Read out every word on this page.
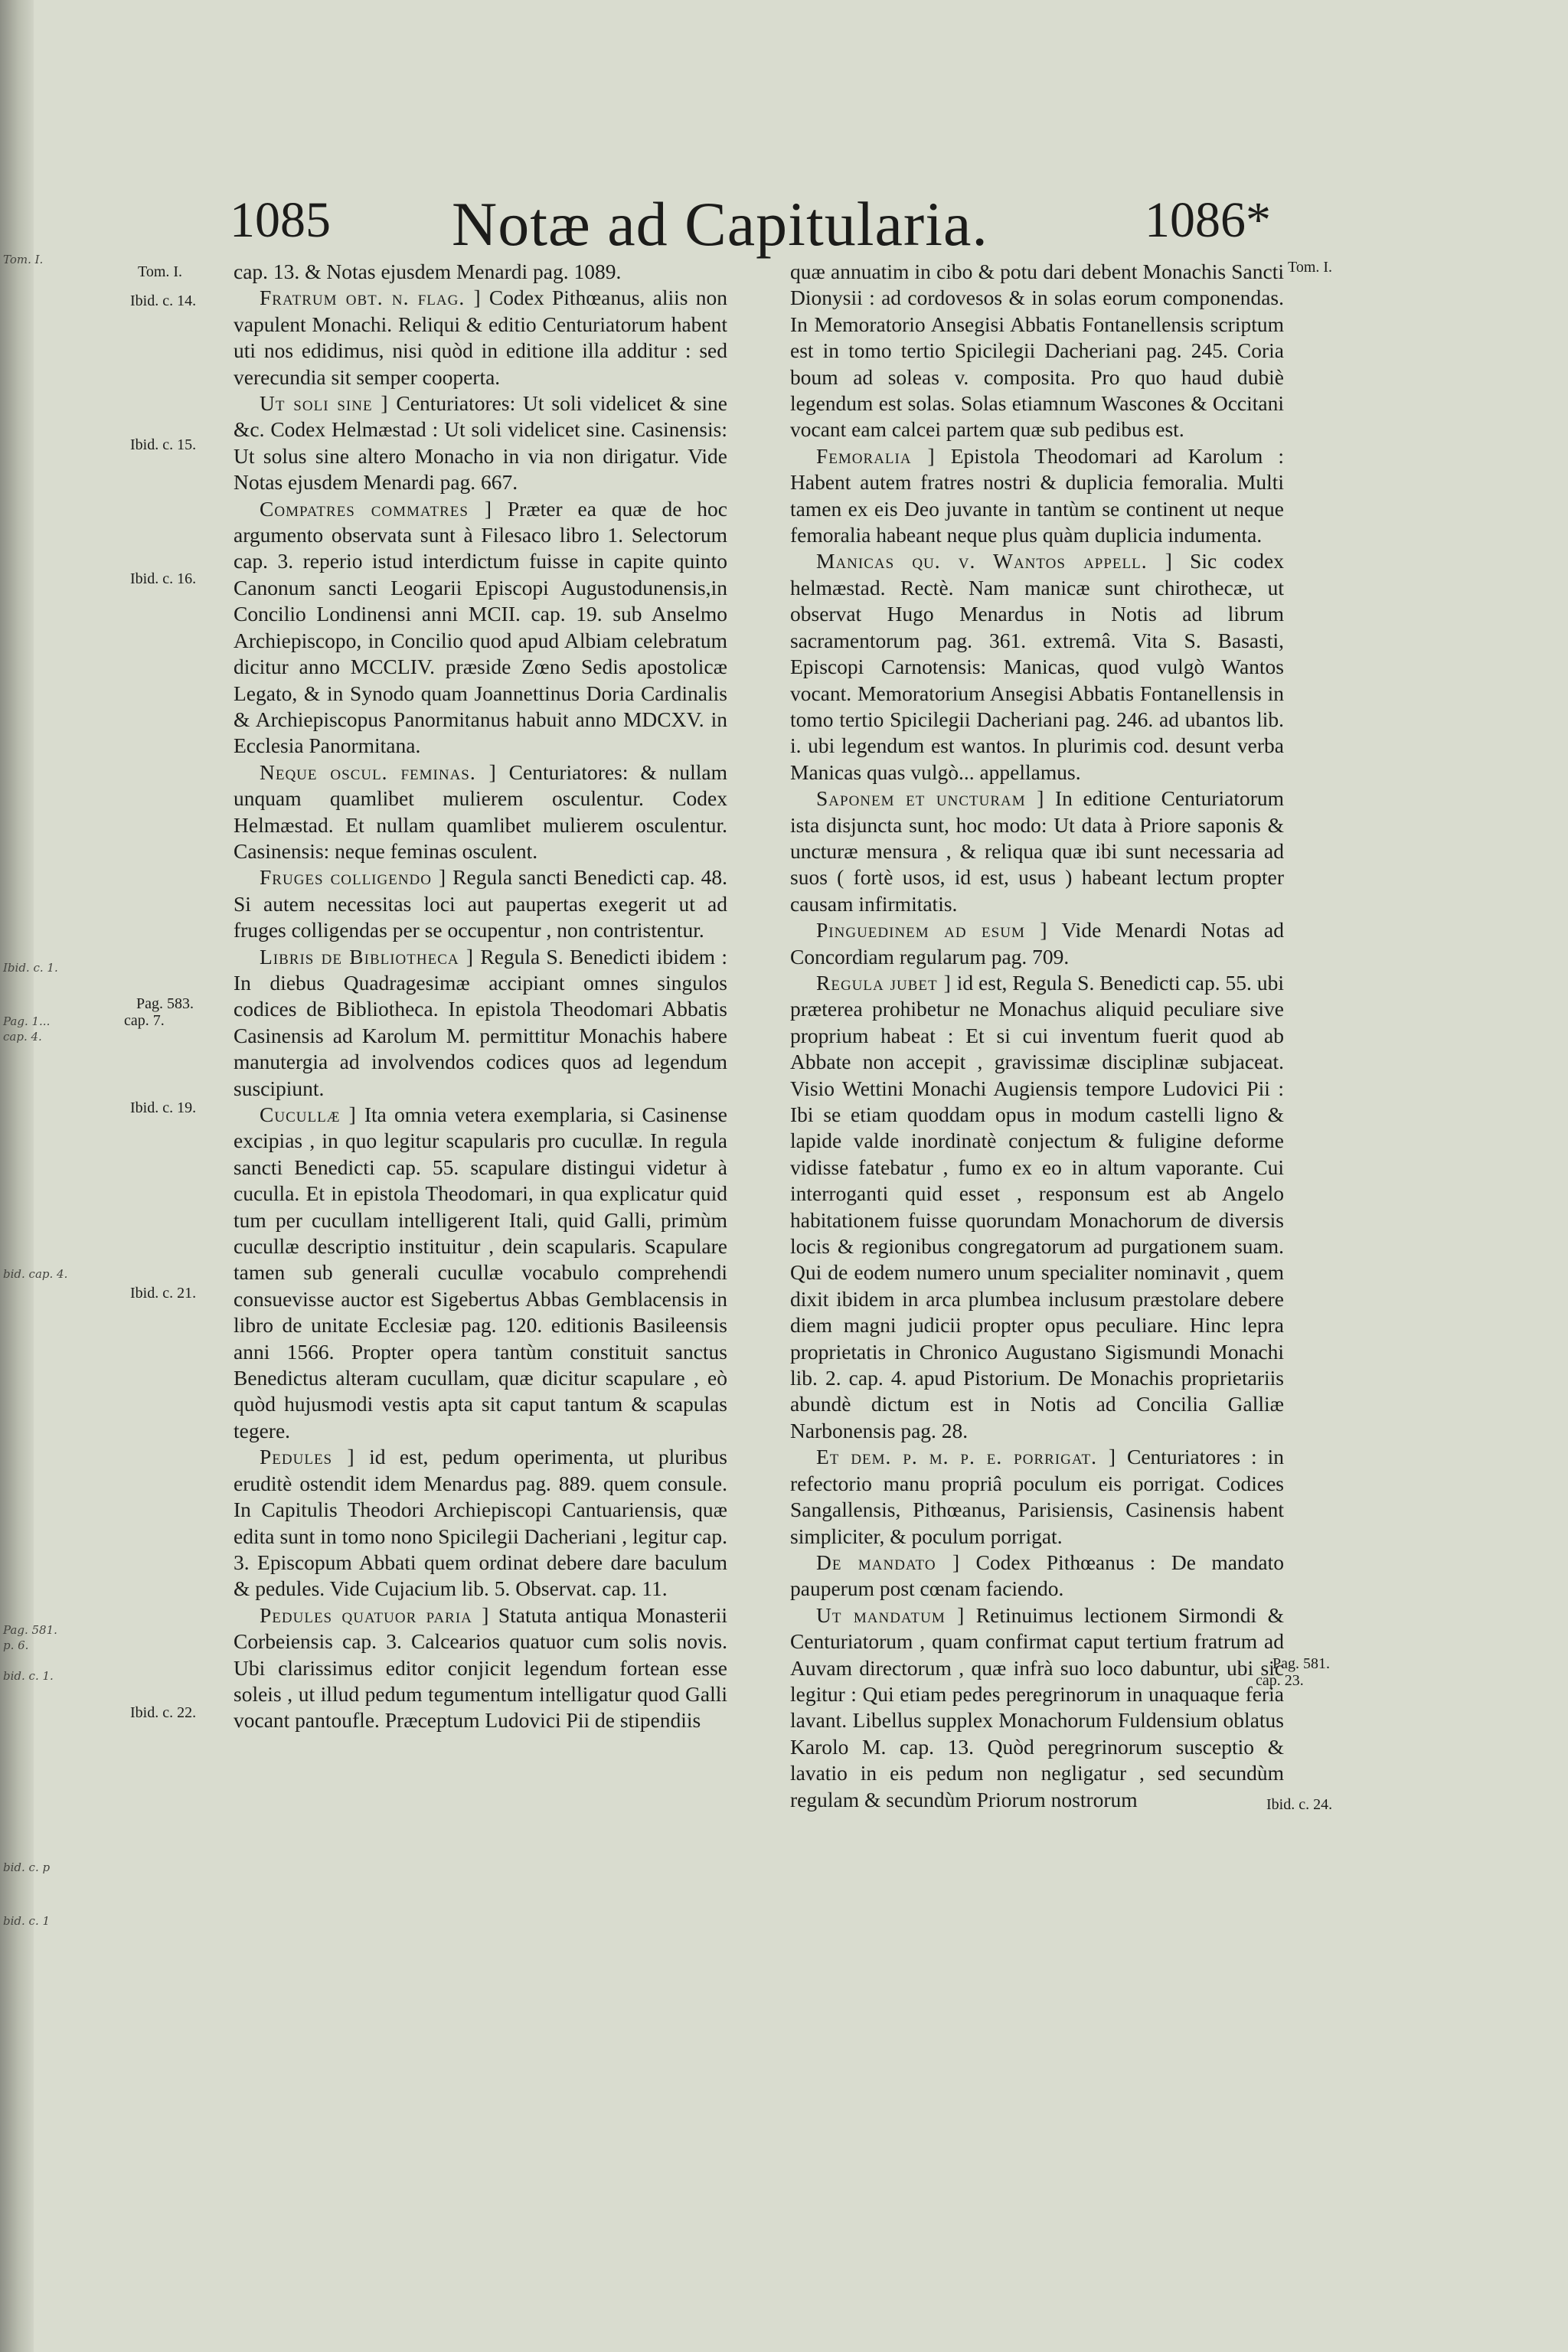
Tom. I.
Ibid. c. 1.
Pag. 1...
cap. 4.
bid. cap. 4.
Pag. 581.
p. 6.
bid. c. 1.
bid. c. p
bid. c. 1
1085 Notæ ad Capitularia.	1086*
Tom. I.
Ibid. c. 14.
Ibid. c. 15.
Ibid. c. 16.
Pag. 583.
cap. 7.
Ibid. c. 19.
Ibid. c. 21.
Ibid. c. 22.
Tom. I.
Pag. 581.
cap. 23.
Ibid. c. 24.

cap. 13. & Notas ejusdem Menardi pag. 1089.

Fratrum obt. n. flag. ] Codex Pithœanus, aliis non vapulent Monachi. Reliqui & editio Centuriatorum habent uti nos edidimus, nisi quòd in editione illa additur : sed verecundia sit semper cooperta.

Ut soli sine ] Centuriatores: Ut soli videlicet & sine &c. Codex Helmæstad : Ut soli videlicet sine. Casinensis: Ut solus sine altero Monacho in via non dirigatur. Vide Notas ejusdem Menardi pag. 667.

Compatres commatres ] Præter ea quæ de hoc argumento observata sunt à Filesaco libro 1. Selectorum cap. 3. reperio istud interdictum fuisse in capite quinto Canonum sancti Leogarii Episcopi Augustodunensis,in Concilio Londinensi anni MCII. cap. 19. sub Anselmo Archiepiscopo, in Concilio quod apud Albiam celebratum dicitur anno MCCLIV. præside Zœno Sedis apostolicæ Legato, & in Synodo quam Joannettinus Doria Cardinalis & Archiepiscopus Panormitanus habuit anno MDCXV. in Ecclesia Panormitana.

Neque oscul. feminas. ] Centuriatores: & nullam unquam quamlibet mulierem osculentur. Codex Helmæstad. Et nullam quamlibet mulierem osculentur. Casinensis: neque feminas osculent.

Fruges colligendo ] Regula sancti Benedicti cap. 48. Si autem necessitas loci aut paupertas exegerit ut ad fruges colligendas per se occupentur , non contristentur.

Libris de Bibliotheca ] Regula S. Benedicti ibidem : In diebus Quadragesimæ accipiant omnes singulos codices de Bibliotheca. In epistola Theodomari Abbatis Casinensis ad Karolum M. permittitur Monachis habere manutergia ad involvendos codices quos ad legendum suscipiunt.

Cucullæ ] Ita omnia vetera exemplaria, si Casinense excipias , in quo legitur scapularis pro cucullæ. In regula sancti Benedicti cap. 55. scapulare distingui videtur à cuculla. Et in epistola Theodomari, in qua explicatur quid tum per cucullam intelligerent Itali, quid Galli, primùm cucullæ descriptio instituitur , dein scapularis. Scapulare tamen sub generali cucullæ vocabulo comprehendi consuevisse auctor est Sigebertus Abbas Gemblacensis in libro de unitate Ecclesiæ pag. 120. editionis Basileensis anni 1566. Propter opera tantùm constituit sanctus Benedictus alteram cucullam, quæ dicitur scapulare , eò quòd hujusmodi vestis apta sit caput tantum & scapulas tegere.

Pedules ] id est, pedum operimenta, ut pluribus eruditè ostendit idem Menardus pag. 889. quem consule. In Capitulis Theodori Archiepiscopi Cantuariensis, quæ edita sunt in tomo nono Spicilegii Dacheriani , legitur cap. 3. Episcopum Abbati quem ordinat debere dare baculum & pedules. Vide Cujacium lib. 5. Observat. cap. 11.

Pedules quatuor paria ] Statuta antiqua Monasterii Corbeiensis cap. 3. Calcearios quatuor cum solis novis. Ubi clarissimus editor conjicit legendum fortean esse soleis , ut illud pedum tegumentum intelligatur quod Galli vocant pantoufle. Præceptum Ludovici Pii de stipendiis

quæ annuatim in cibo & potu dari debent Monachis Sancti Dionysii : ad cordovesos & in solas eorum componendas. In Memoratorio Ansegisi Abbatis Fontanellensis scriptum est in tomo tertio Spicilegii Dacheriani pag. 245. Coria boum ad soleas v. composita. Pro quo haud dubiè legendum est solas. Solas etiamnum Wascones & Occitani vocant eam calcei partem quæ sub pedibus est.

Femoralia ] Epistola Theodomari ad Karolum : Habent autem fratres nostri & duplicia femoralia. Multi tamen ex eis Deo juvante in tantùm se continent ut neque femoralia habeant neque plus quàm duplicia indumenta.

Manicas qu. v. Wantos appell. ] Sic codex helmæstad. Rectè. Nam manicæ sunt chirothecæ, ut observat Hugo Menardus in Notis ad librum sacramentorum pag. 361. extremâ. Vita S. Basasti, Episcopi Carnotensis: Manicas, quod vulgò Wantos vocant. Memoratorium Ansegisi Abbatis Fontanellensis in tomo tertio Spicilegii Dacheriani pag. 246. ad ubantos lib. i. ubi legendum est wantos. In plurimis cod. desunt verba Manicas quas vulgò... appellamus.

Saponem et uncturam ] In editione Centuriatorum ista disjuncta sunt, hoc modo: Ut data à Priore saponis & uncturæ mensura , & reliqua quæ ibi sunt necessaria ad suos ( fortè usos, id est, usus ) habeant lectum propter causam infirmitatis.

Pinguedinem ad esum ] Vide Menardi Notas ad Concordiam regularum pag. 709.

Regula jubet ] id est, Regula S. Benedicti cap. 55. ubi præterea prohibetur ne Monachus aliquid peculiare sive proprium habeat : Et si cui inventum fuerit quod ab Abbate non accepit , gravissimæ disciplinæ subjaceat. Visio Wettini Monachi Augiensis tempore Ludovici Pii : Ibi se etiam quoddam opus in modum castelli ligno & lapide valde inordinatè conjectum & fuligine deforme vidisse fatebatur , fumo ex eo in altum vaporante. Cui interroganti quid esset , responsum est ab Angelo habitationem fuisse quorundam Monachorum de diversis locis & regionibus congregatorum ad purgationem suam. Qui de eodem numero unum specialiter nominavit , quem dixit ibidem in arca plumbea inclusum præstolare debere diem magni judicii propter opus peculiare. Hinc lepra proprietatis in Chronico Augustano Sigismundi Monachi lib. 2. cap. 4. apud Pistorium. De Monachis proprietariis abundè dictum est in Notis ad Concilia Galliæ Narbonensis pag. 28.

Et dem. p. m. p. e. porrigat. ] Centuriatores : in refectorio manu propriâ poculum eis porrigat. Codices Sangallensis, Pithœanus, Parisiensis, Casinensis habent simpliciter, & poculum porrigat.

De mandato ] Codex Pithœanus : De mandato pauperum post cœnam faciendo.

Ut mandatum ] Retinuimus lectionem Sirmondi & Centuriatorum , quam confirmat caput tertium fratrum ad Auvam directorum , quæ infrà suo loco dabuntur, ubi sic legitur : Qui etiam pedes peregrinorum in unaquaque feria lavant. Libellus supplex Monachorum Fuldensium oblatus Karolo M. cap. 13. Quòd peregrinorum susceptio & lavatio in eis pedum non negligatur , sed secundùm regulam & secundùm Priorum nostrorum
